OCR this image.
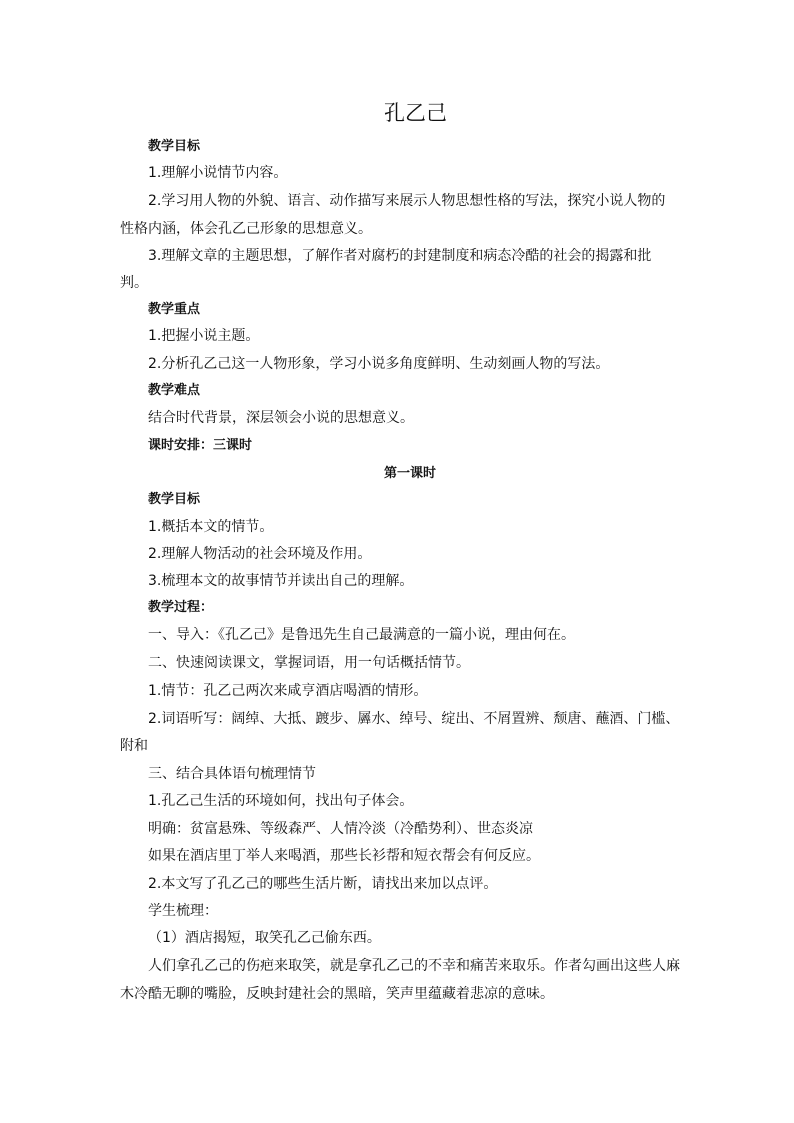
孔乙己
教学目标
1.理解小说情节内容。
2.学习用人物的外貌、语言、动作描写来展示人物思想性格的写法，探究小说人物的
性格内涵，体会孔乙己形象的思想意义。
3.理解文章的主题思想，了解作者对腐朽的封建制度和病态冷酷的社会的揭露和批
判。
教学重点
1.把握小说主题。
2.分析孔乙己这一人物形象，学习小说多角度鲜明、生动刻画人物的写法。
教学难点
结合时代背景，深层领会小说的思想意义。
课时安排：三课时
第一课时
教学目标
1.概括本文的情节。
2.理解人物活动的社会环境及作用。
3.梳理本文的故事情节并读出自己的理解。
教学过程：
一、导入：《孔乙己》是鲁迅先生自己最满意的一篇小说，理由何在。
二、快速阅读课文，掌握词语，用一句话概括情节。
1.情节：孔乙己两次来咸亨酒店喝酒的情形。
2.词语听写：阔绰、大抵、踱步、羼水、绰号、绽出、不屑置辨、颓唐、蘸酒、门槛、
附和
三、结合具体语句梳理情节
1.孔乙己生活的环境如何，找出句子体会。
明确：贫富悬殊、等级森严、人情冷淡（冷酷势利）、世态炎凉
如果在酒店里丁举人来喝酒，那些长衫帮和短衣帮会有何反应。
2.本文写了孔乙己的哪些生活片断，请找出来加以点评。
学生梳理：
（1）酒店揭短，取笑孔乙己偷东西。
人们拿孔乙己的伤疤来取笑，就是拿孔乙己的不幸和痛苦来取乐。作者勾画出这些人麻
木冷酷无聊的嘴脸，反映封建社会的黑暗，笑声里蕴藏着悲凉的意味。
